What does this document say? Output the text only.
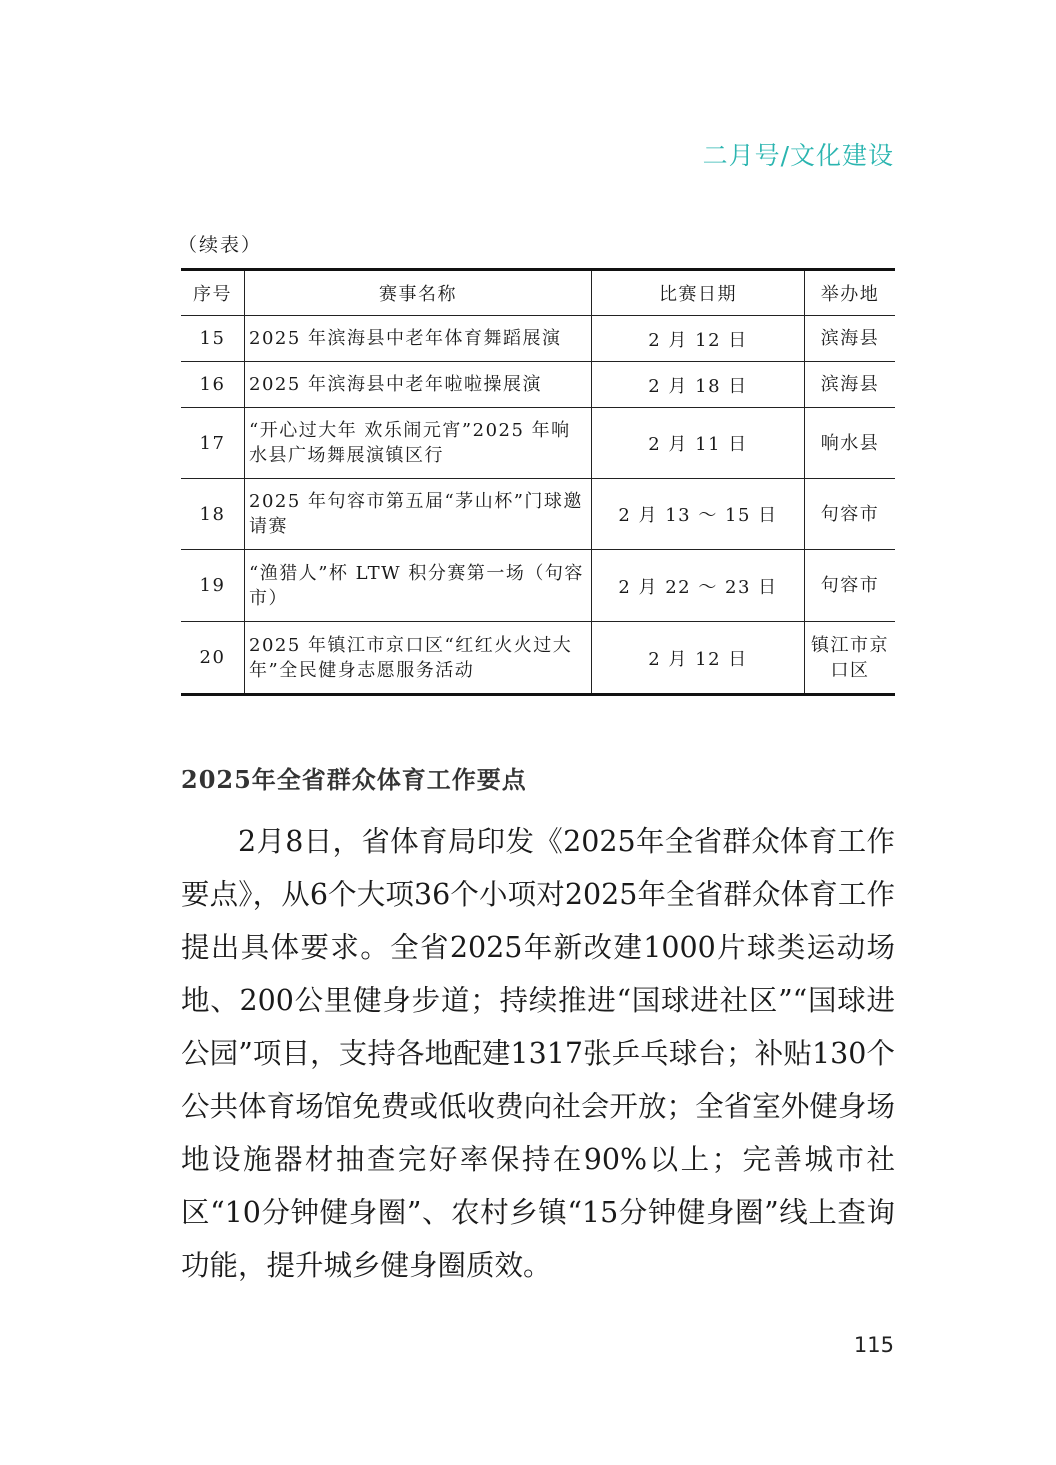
二月号/文化建设
（续表）
序号	赛事名称	比赛日期	举办地
15	2025 年滨海县中老年体育舞蹈展演	2 月 12 日	滨海县
16	2025 年滨海县中老年啦啦操展演	2 月 18 日	滨海县
17	“开心过大年 欢乐闹元宵”2025 年响水县广场舞展演镇区行	2 月 11 日	响水县
18	2025 年句容市第五届“茅山杯”门球邀请赛	2 月 13 ～ 15 日	句容市
19	“渔猎人”杯 LTW 积分赛第一场（句容市）	2 月 22 ～ 23 日	句容市
20	2025 年镇江市京口区“红红火火过大年”全民健身志愿服务活动	2 月 12 日	镇江市京口区
2025年全省群众体育工作要点

2月8日，省体育局印发《2025年全省群众体育工作要点》，从6个大项36个小项对2025年全省群众体育工作提出具体要求。全省2025年新改建1000片球类运动场地、200公里健身步道；持续推进“国球进社区”“国球进公园”项目，支持各地配建1317张乒乓球台；补贴130个公共体育场馆免费或低收费向社会开放；全省室外健身场地设施器材抽查完好率保持在90%以上；完善城市社区“10分钟健身圈”、农村乡镇“15分钟健身圈”线上查询功能，提升城乡健身圈质效。

115
